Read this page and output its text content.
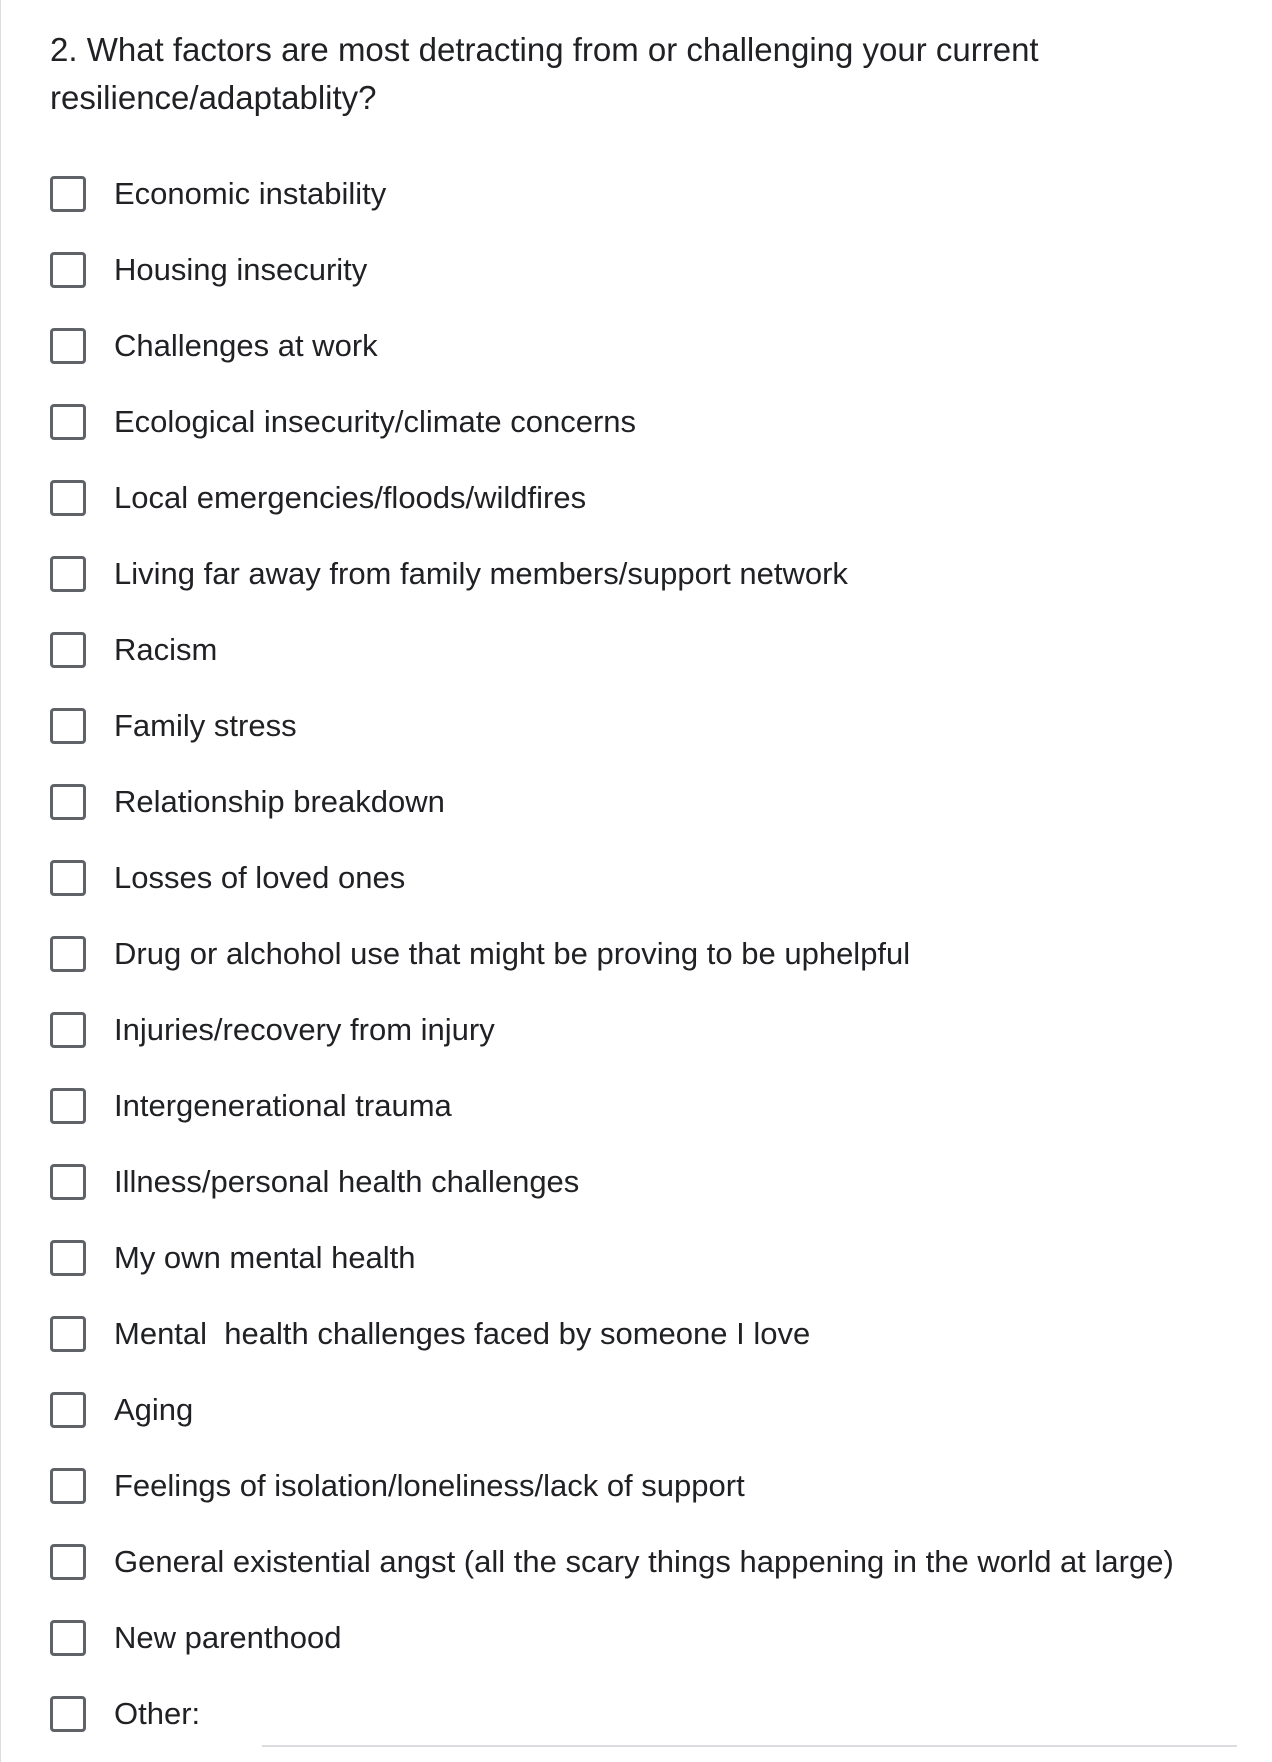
2. What factors are most detracting from or challenging your current resilience/adaptablity?
Economic instability
Housing insecurity
Challenges at work
Ecological insecurity/climate concerns
Local emergencies/floods/wildfires
Living far away from family members/support network
Racism
Family stress
Relationship breakdown
Losses of loved ones
Drug or alchohol use that might be proving to be uphelpful
Injuries/recovery from injury
Intergenerational trauma
Illness/personal health challenges
My own mental health
Mental  health challenges faced by someone I love
Aging
Feelings of isolation/loneliness/lack of support
General existential angst (all the scary things happening in the world at large)
New parenthood
Other:
